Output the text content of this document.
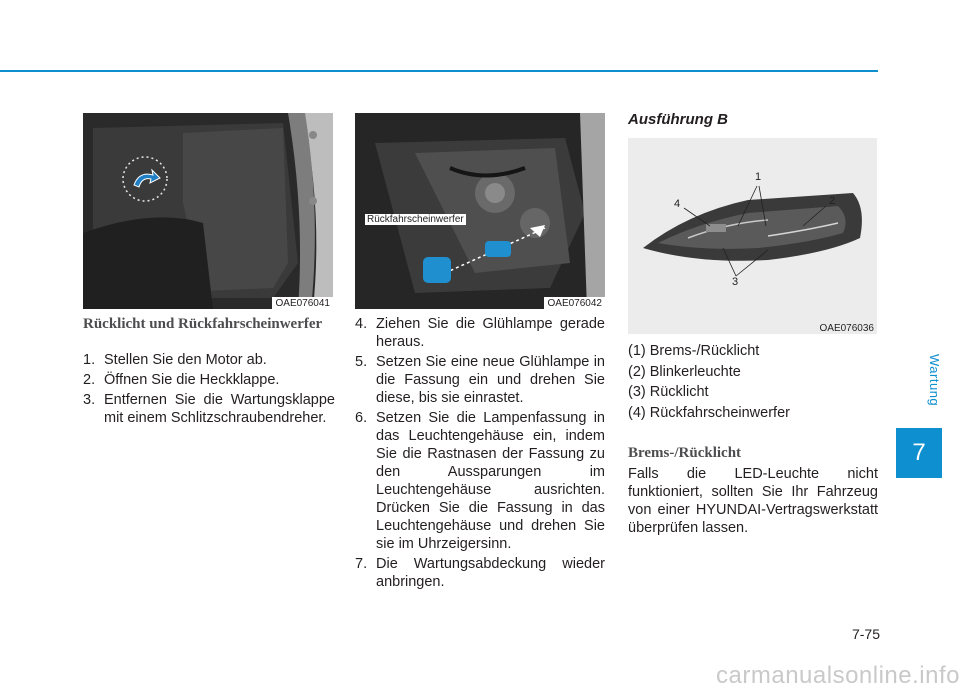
OAE076041
Rückfahrscheinwerfer
OAE076042
Rücklicht und Rückfahrscheinwerfer
1. Stellen Sie den Motor ab.
2. Öffnen Sie die Heckklappe.
3. Entfernen Sie die Wartungsklappe mit einem Schlitzschraubendreher.
4. Ziehen Sie die Glühlampe gerade heraus.
5. Setzen Sie eine neue Glühlampe in die Fassung ein und drehen Sie diese, bis sie einrastet.
6. Setzen Sie die Lampenfassung in das Leuchtengehäuse ein, indem Sie die Rastnasen der Fassung zu den Aussparungen im Leuchtengehäuse ausrichten. Drücken Sie die Fassung in das Leuchtengehäuse und drehen Sie sie im Uhrzeigersinn.
7. Die Wartungsabdeckung wieder anbringen.
Ausführung B
1
2
3
4
OAE076036
(1) Brems-/Rücklicht
(2) Blinkerleuchte
(3) Rücklicht
(4) Rückfahrscheinwerfer
Brems-/Rücklicht
Falls die LED-Leuchte nicht funktioniert, sollten Sie Ihr Fahrzeug von einer HYUNDAI-Vertragswerkstatt überprüfen lassen.
Wartung
7
7-75
carmanualsonline.info
